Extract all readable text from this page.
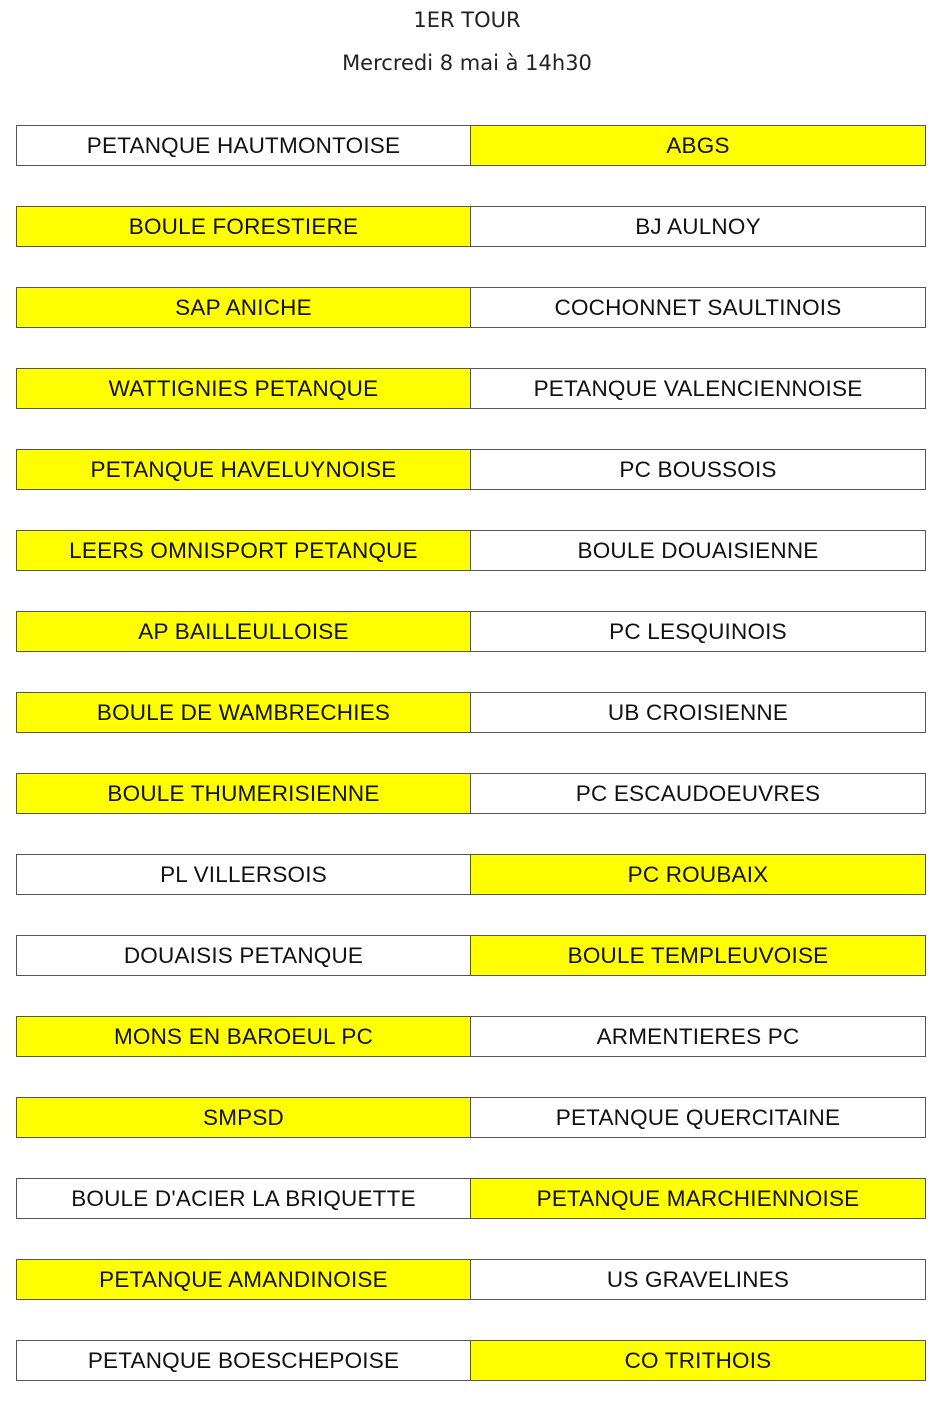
1ER TOUR
Mercredi 8 mai à 14h30
PETANQUE HAUTMONTOISE	ABGS
BOULE FORESTIERE	BJ AULNOY
SAP ANICHE	COCHONNET SAULTINOIS
WATTIGNIES PETANQUE	PETANQUE VALENCIENNOISE
PETANQUE HAVELUYNOISE	PC BOUSSOIS
LEERS OMNISPORT PETANQUE	BOULE DOUAISIENNE
AP BAILLEULLOISE	PC LESQUINOIS
BOULE DE WAMBRECHIES	UB CROISIENNE
BOULE THUMERISIENNE	PC ESCAUDOEUVRES
PL VILLERSOIS	PC ROUBAIX
DOUAISIS PETANQUE	BOULE TEMPLEUVOISE
MONS EN BAROEUL PC	ARMENTIERES PC
SMPSD	PETANQUE QUERCITAINE
BOULE D'ACIER LA BRIQUETTE	PETANQUE MARCHIENNOISE
PETANQUE AMANDINOISE	US GRAVELINES
PETANQUE BOESCHEPOISE	CO TRITHOIS
